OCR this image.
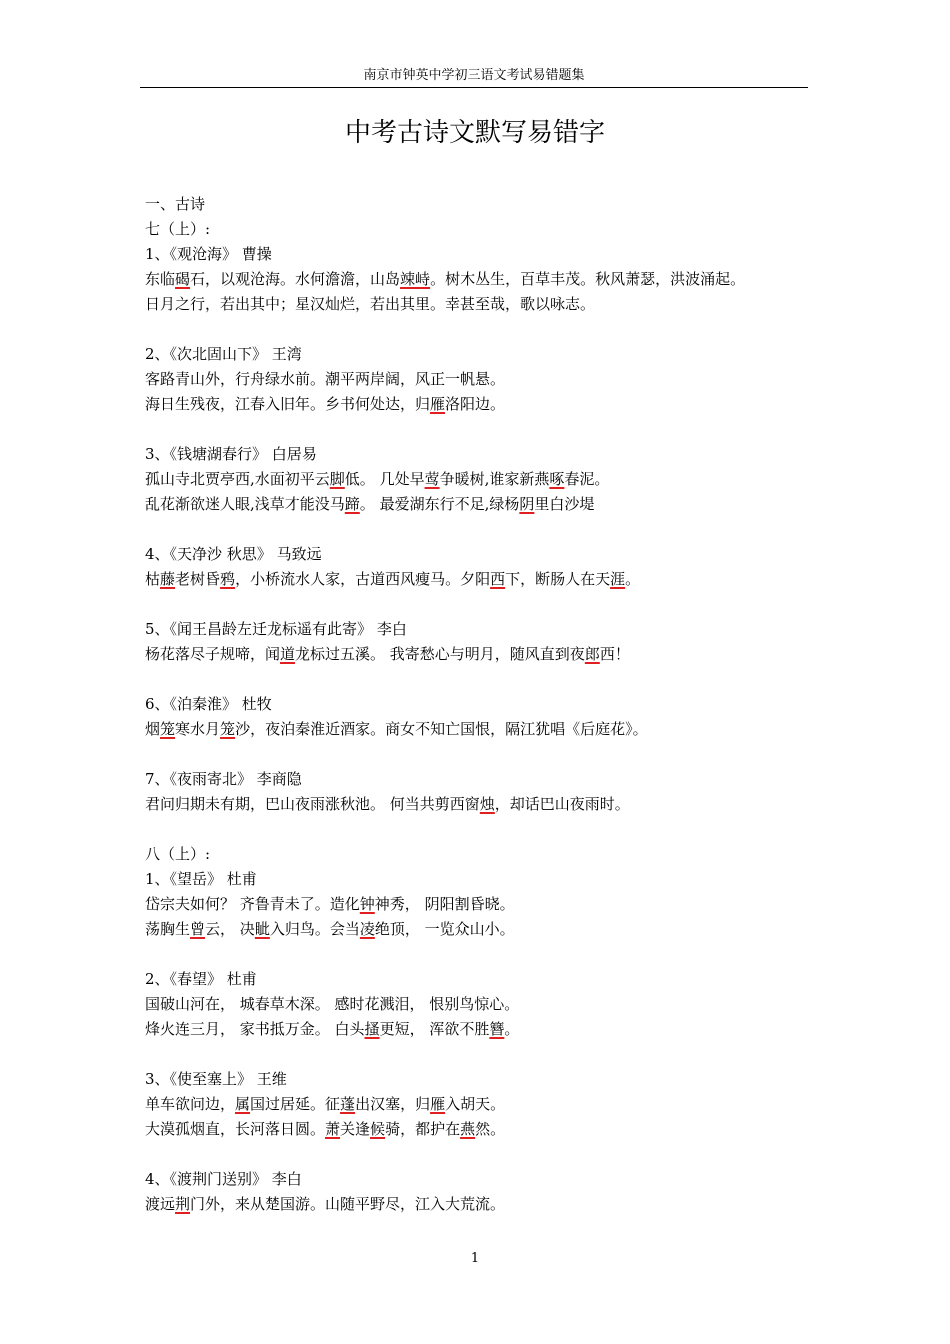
南京市钟英中学初三语文考试易错题集
中考古诗文默写易错字
一、古诗
七（上）:
1、《观沧海》 曹操
东临碣石，以观沧海。水何澹澹，山岛竦峙。树木丛生，百草丰茂。秋风萧瑟，洪波涌起。
日月之行，若出其中；星汉灿烂，若出其里。幸甚至哉，歌以咏志。
2、《次北固山下》 王湾
客路青山外，行舟绿水前。潮平两岸阔，风正一帆悬。
海日生残夜，江春入旧年。乡书何处达，归雁洛阳边。
3、《钱塘湖春行》 白居易
孤山寺北贾亭西,水面初平云脚低。 几处早莺争暖树,谁家新燕啄春泥。
乱花渐欲迷人眼,浅草才能没马蹄。 最爱湖东行不足,绿杨阴里白沙堤
4、《天净沙 秋思》 马致远
枯藤老树昏鸦，小桥流水人家，古道西风瘦马。夕阳西下，断肠人在天涯。
5、《闻王昌龄左迁龙标遥有此寄》 李白
杨花落尽子规啼，闻道龙标过五溪。 我寄愁心与明月，随风直到夜郎西！
6、《泊秦淮》 杜牧
烟笼寒水月笼沙，夜泊秦淮近酒家。商女不知亡国恨，隔江犹唱《后庭花》。
7、《夜雨寄北》 李商隐
君问归期未有期，巴山夜雨涨秋池。 何当共剪西窗烛，却话巴山夜雨时。
八（上）:
1、《望岳》 杜甫
岱宗夫如何？ 齐鲁青未了。造化钟神秀， 阴阳割昏晓。
荡胸生曾云， 决眦入归鸟。会当凌绝顶， 一览众山小。
2、《春望》 杜甫
国破山河在， 城春草木深。 感时花溅泪， 恨别鸟惊心。
烽火连三月， 家书抵万金。 白头搔更短， 浑欲不胜簪。
3、《使至塞上》 王维
单车欲问边，属国过居延。征蓬出汉塞，归雁入胡天。
大漠孤烟直，长河落日圆。萧关逢候骑，都护在燕然。
4、《渡荆门送别》 李白
渡远荆门外，来从楚国游。山随平野尽，江入大荒流。
1
